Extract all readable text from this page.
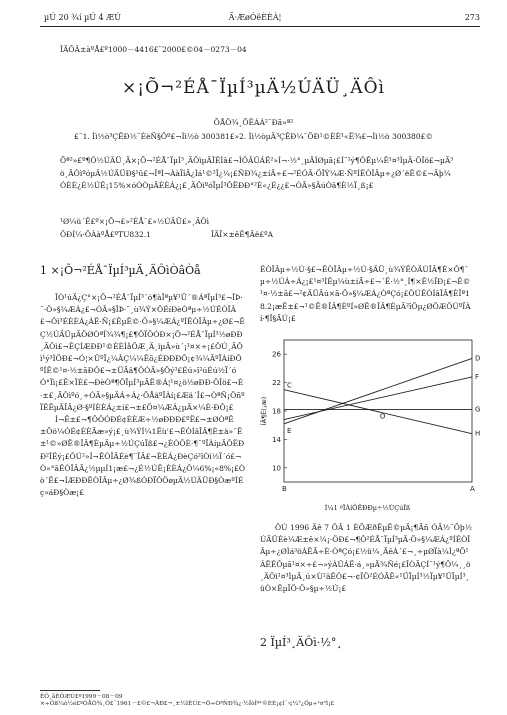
µÚ 20 ¾í µÚ 4 ÆÚ	Ã·ÆøÓëÈÈÀ¦	273
ÎÄÕÂ±àºÅ£º1000－4416£¨2000£©04－0273－04
×¡Õ¬²ÉÅ¯ÏµÍ³µÄ½ÚÄÜ¸ÄÔì
ÕÅÖ¾¸ÕÊÁÁ²¨Ðã»ª²
£¨1. Ìì½ò³ÇÊÐ½¨ÉèÑ§Ôº£¬Ìì½ò 300381£»2. Ìì½òµÄ³ÇÊÐ¼¯ÖÐ¹©ÈÈ¹«Ë¾£¬Ìì½ò 300380£©
Õª²»£º¶Ô½ÚÄÜ¸Ä×¡Õ¬²ÉÅ¯ÏµÍ³¸ÄÔìµÄÎÊÌâ£¬ÌÔÂÛÁË²»Í¬·½°¸µÄÌØµã¡£Í¨¹ý¶ÔÊµ¼Ê¹¤³ÌµÄ·ÖÎö£¬µÃ³ö¸ÄÔìºóµÄ½ÚÄÜÐ§¹û£¬ÎªÍ¬ÀàÏîÄ¿Ìá¹©²Î¿¼¡£ÑÐ¾¿±íÃ÷£¬²ÉÓÃ·ÖÎÝ¼Æ·ÑºÍÊÒÎÂµ÷¿Ø´ëÊ©£¬Äþ¼ÓÈÈ¿É½ÚÊ¡15%×óÓÒµÄÈÈÁ¿¡£¸ÄÔìºóÏµÍ³ÔËÐÐ°²È«¿É¿¿£¬ÓÃ»§ÂúÒâ¶È½Ï¸ß¡£
¹Ø¼ü´Ê£º×¡Õ¬£»²ÉÅ¯£»½ÚÄÜ£»¸ÄÔì
ÖÐÍ¼·ÖÀàºÅ£ºTU832.1	ÎÄÏ×±êÊ¶Âë£ºA
1 ×¡Õ¬²ÉÅ¯ÏµÍ³µÄ¸ÄÔìÒâÒå

ÎÒ¹úÄ¿Ç°×¡Õ¬²ÉÅ¯ÏµÍ³´ó¶àÎªµ¥¹Ü´®ÁªÏµÍ³£¬ÎÞ·¨·Ö»§¼ÆÁ¿£¬ÓÃ»§ÎÞ·¨¸ù¾Ý×ÔÉíÐèÒªµ÷½ÚÊÒÎÂ£¬Ôì³ÉÈÈÁ¿ÀË·Ñ¡£ÊµÊ©·Ö»§¼ÆÁ¿ºÍÊÒÎÂµ÷¿Ø£¬ÊÇ½ÚÄÜµÄÖØÒªÍ¾¾¶¡£¶ÔÏÖÓÐ×¡Õ¬²ÉÅ¯ÏµÍ³½øÐÐ¸ÄÔì£¬ÊÇÍÆÐÐ¹©ÈÈÌåÖÆ¸Ä¸ïµÄ»ù´¡¹¤×÷¡£ÔÚ¸ÄÔì¹ý³ÌÖÐ£¬Ó¦×ÛºÏ¿¼ÂÇ¼¼Êõ¿ÉÐÐÐÔ¡¢¾¼ÃºÏÀíÐÔºÍÊ©¹¤·½±ãÐÔ£¬±ÜÃâ¶ÔÓÃ»§Õý³£Éú»î²úÉú½Ï´óÓ°Ïì¡£Ê×ÏÈ£¬ÐèÒª¶ÔÏµÍ³µÄË®Á¦¹¤¿ö½øÐÐ·ÖÎö£¬È·±£¸ÄÔìºó¸÷ÓÃ»§µÄÁ÷Á¿·ÖÅäºÏÀí¡£Æä´Î£¬ÒªÑ¡ÔñºÏÊÊµÄÎÂ¿Ø·§ºÍÈÈÁ¿±í£¬±£Ö¤¼ÆÁ¿µÄ×¼È·ÐÔ¡£

Í¬Ê±£¬¶ÔÔÓÐÉ¢ÈÈÆ÷½øÐÐÐ£ºË£¬±ØÒªÊ±Ôö¼ÓÉ¢ÈÈÃæ»ý¡£¸ù¾ÝÍ¼1Ëùʾ£¬ÊÒÍâÎÂ¶È±ä»¯Ê±¹©»ØË®ÎÂ¶ÈµÄµ÷½ÚÇúÏß£¬¿ÉÒÔÈ·¶¨ºÏÀíµÄÔËÐÐ²ÎÊý¡£ÔÚ²»Í¬ÊÒÎÂÉè¶¨ÏÂ£¬ÈÈÁ¿ÐèÇó²îÒì½Ï´ó£¬Ò»°ãÊÒÎÂÃ¿½µµÍ1¡æ£¬¿É½ÚÊ¡ÈÈÁ¿Ô¼6%¡«8%¡£Òò´Ë£¬ÍÆÐÐÊÒÎÂµ÷¿Ø¾ßÓÐÏÔÖøµÄ½ÚÄÜÐ§ÒæºÍÉç»áÐ§Òæ¡£

ÊÒÎÂµ÷½Ú·§£¬ÊÒÎÂµ÷½Ú·§ÄÜ¸ù¾ÝÊÒÄÚÎÂ¶È×Ô¶¯µ÷½ÚÁ÷Á¿¡£¹¤³ÌÊµ¼ù±íÃ÷£¬´Ë·½°¸Í¶×Ê½ÏÐ¡£¬Ê©¹¤·½±ã£¬²¢ÄÜÂú×ã·Ö»§¼ÆÁ¿ÒªÇó¡£ÔÚÊÒÍâÎÂ¶ÈÎª18.2¡æÊ±£¬¹©Ë®ÎÂ¶ÈºÍ»ØË®ÎÂ¶ÈµÄ²îÖµ¿ØÖÆÔÚºÏÀí·¶Î§ÄÚ¡£

26
22
18
14
10
D
F
G
H
O
C
E
B	A
ÎÂ¶È(¡æ)
Í¼1 ºÏÀíÔËÐÐµ÷½ÚÇúÏß

ÔÚ 1996 Äê 7 ÔÂ 1 ÈÕÆðÊµÊ©µÄ¡¶Ãñ ÓÃ½¨Öþ½ÚÄÜÉè¼Æ±ê×¼¡·ÖÐ£¬¶Ô²ÉÅ¯ÏµÍ³µÄ·Ö»§¼ÆÁ¿ºÍÊÒÎÂµ÷¿ØÌá³öÁËÃ÷È·ÒªÇó¡£½ü¼¸ÄêÀ´£¬¸÷µØÏà¼Ì¿ªÕ¹ÁËÊÔµã¹¤×÷£¬»ýÀÛÁË·á¸»µÄ¾Ñé¡£ÎÒÃÇÍ¨¹ý¶Ô¼¸¸ö¸ÄÔì¹¤³ÌµÄ¸ú×Ù²âÊÔ£¬·¢ÏÖ²ÉÓÃË«¹ÜÏµÍ³½Ïµ¥¹ÜÏµÍ³¸üÒ×ÊµÏÖ·Ö»§µ÷½Ú¡£

2 ÏµÍ³¸ÄÔì·½°¸
ÊÕ¸åÈÕÆÚ£º1999－08－09
×÷Õß¼ò½é£ºÕÅÖ¾¸Õ£¨1961－£©£¬ÄÐ£¬¸±½ÌÊÚ£¬Ö÷ÒªÑÐ¾¿·½ÏòÎª¹©ÈÈ¡¢Í¨·ç¼°¿Õµ÷¹¤³Ì¡£
